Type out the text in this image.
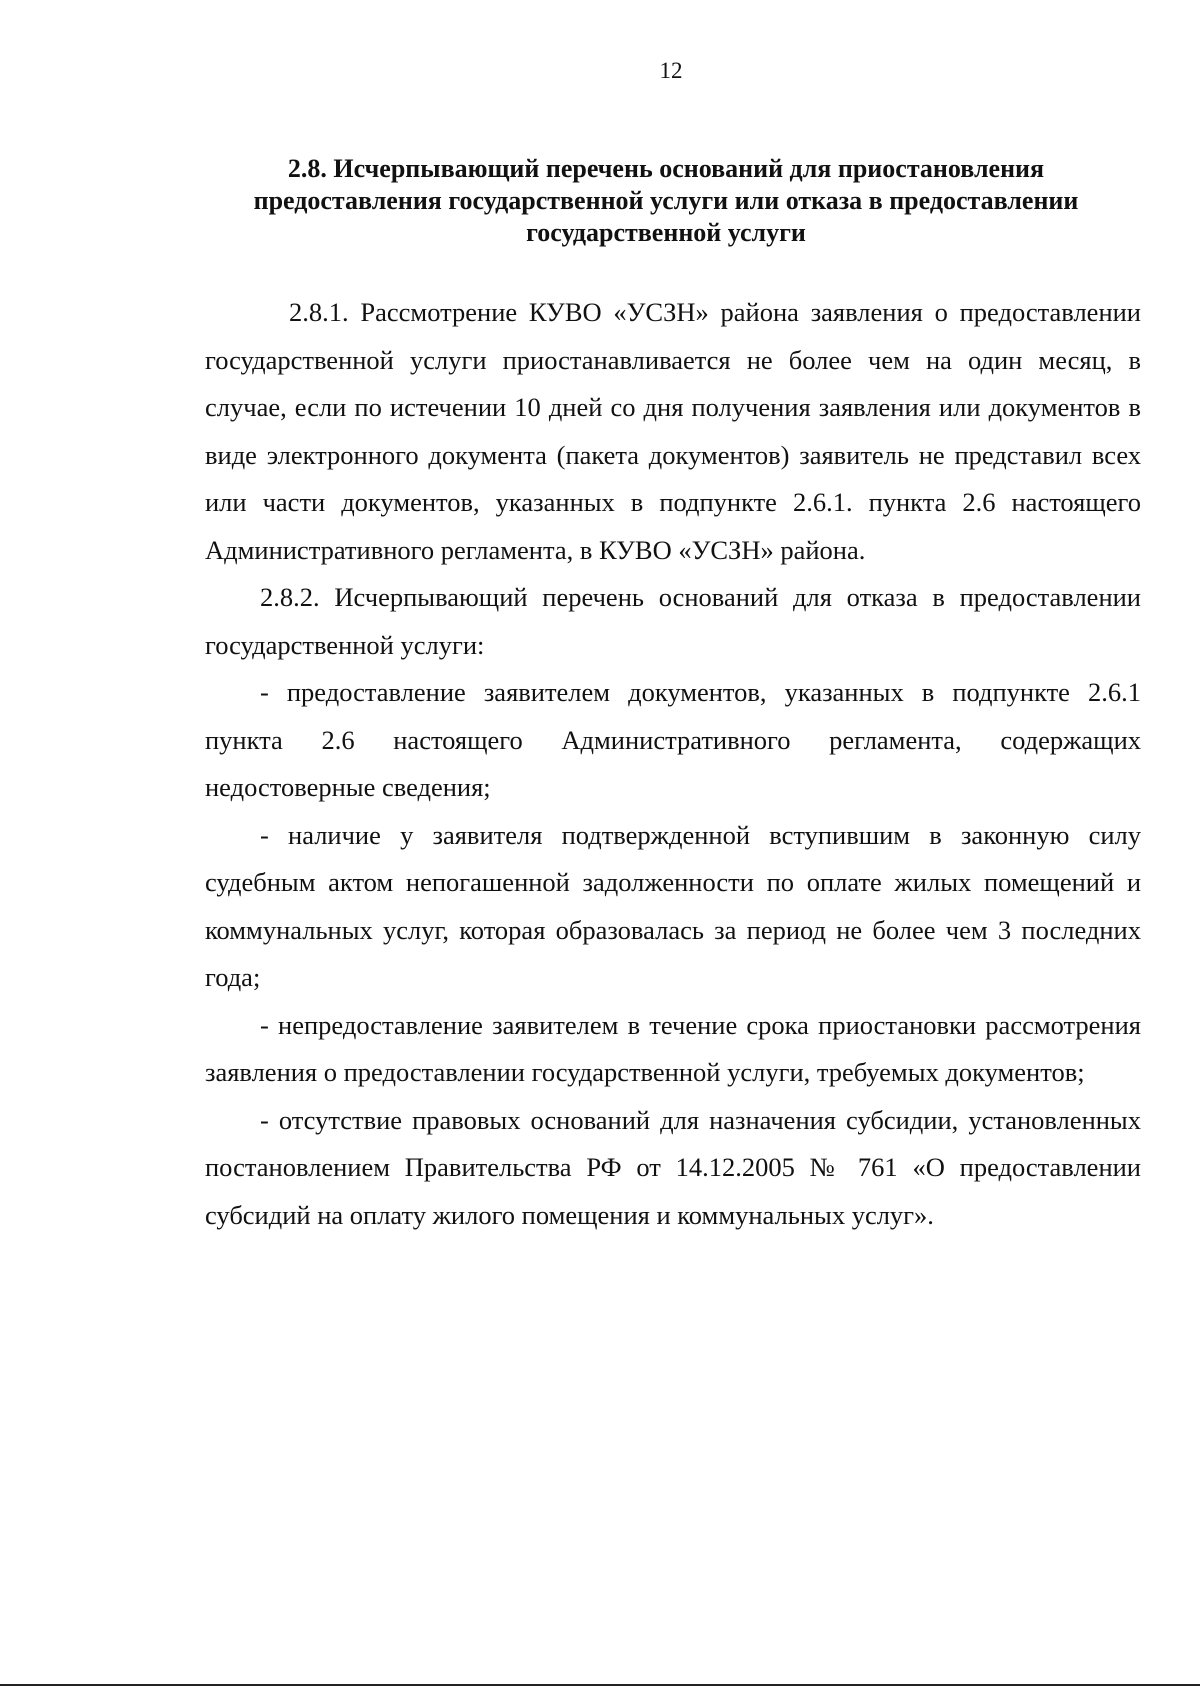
12
2.8. Исчерпывающий перечень оснований для приостановления
предоставления государственной услуги или отказа в предоставлении
государственной услуги

2.8.1. Рассмотрение КУВО «УСЗН» района заявления о предоставлении государственной услуги приостанавливается не более чем на один месяц, в случае, если по истечении 10 дней со дня получения заявления или документов в виде электронного документа (пакета документов) заявитель не представил всех или части документов, указанных в подпункте 2.6.1. пункта 2.6 настоящего Административного регламента, в КУВО «УСЗН» района.

2.8.2. Исчерпывающий перечень оснований для отказа в предоставлении государственной услуги:

- предоставление заявителем документов, указанных в подпункте 2.6.1 пункта 2.6 настоящего Административного регламента, содержащих недостоверные сведения;

- наличие у заявителя подтвержденной вступившим в законную силу судебным актом непогашенной задолженности по оплате жилых помещений и коммунальных услуг, которая образовалась за период не более чем 3 последних года;

- непредоставление заявителем в течение срока приостановки рассмотрения заявления о предоставлении государственной услуги, требуемых документов;

- отсутствие правовых оснований для назначения субсидии, установленных постановлением Правительства РФ от 14.12.2005 № 761 «О предоставлении субсидий на оплату жилого помещения и коммунальных услуг».
